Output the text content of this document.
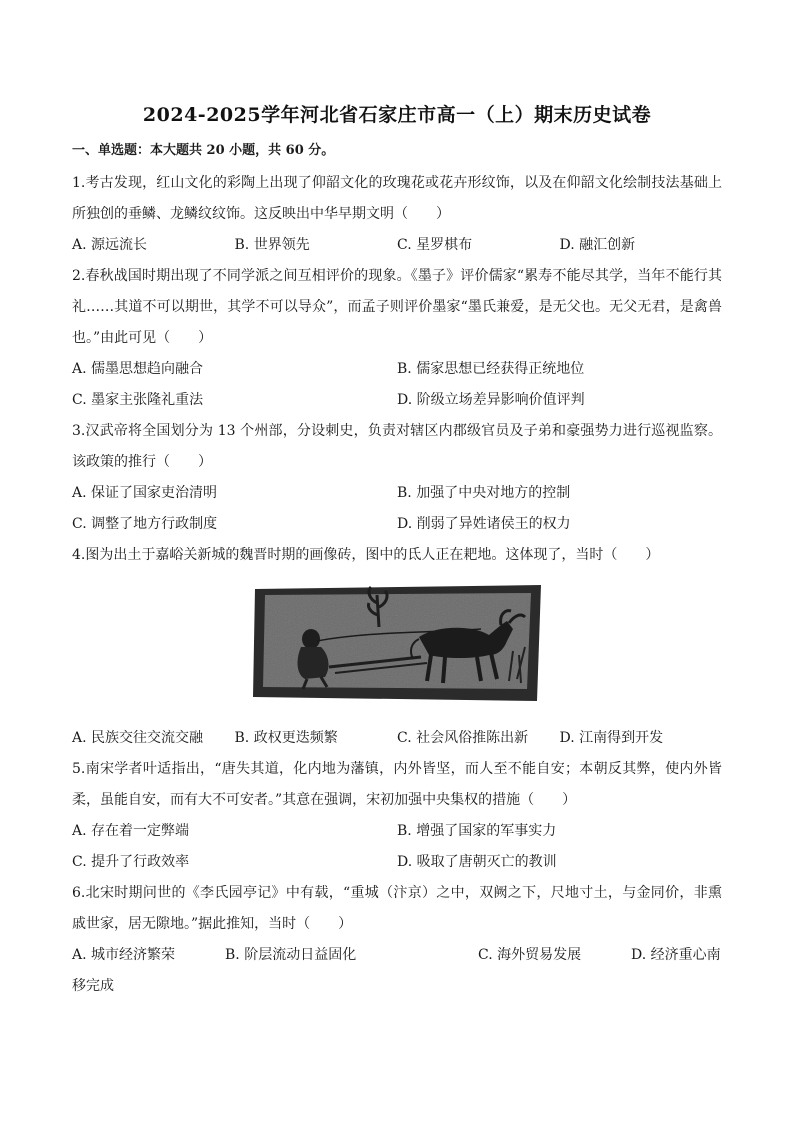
2024-2025学年河北省石家庄市高一（上）期末历史试卷
一、单选题：本大题共 20 小题，共 60 分。

1.考古发现，红山文化的彩陶上出现了仰韶文化的玫瑰花或花卉形纹饰，以及在仰韶文化绘制技法基础上所独创的垂鳞、龙鳞纹纹饰。这反映出中华早期文明（　　）

A. 源远流长	B. 世界领先	C. 星罗棋布	D. 融汇创新

2.春秋战国时期出现了不同学派之间互相评价的现象。《墨子》评价儒家“累寿不能尽其学，当年不能行其礼……其道不可以期世，其学不可以导众”，而孟子则评价墨家“墨氏兼爱，是无父也。无父无君，是禽兽也。”由此可见（　　）

A. 儒墨思想趋向融合	B. 儒家思想已经获得正统地位
C. 墨家主张隆礼重法	D. 阶级立场差异影响价值评判

3.汉武帝将全国划分为 13 个州部，分设刺史，负责对辖区内郡级官员及子弟和豪强势力进行巡视监察。该政策的推行（　　）

A. 保证了国家吏治清明	B. 加强了中央对地方的控制
C. 调整了地方行政制度	D. 削弱了异姓诸侯王的权力

4.图为出土于嘉峪关新城的魏晋时期的画像砖，图中的氐人正在耙地。这体现了，当时（　　）

A. 民族交往交流交融	B. 政权更迭频繁	C. 社会风俗推陈出新	D. 江南得到开发

5.南宋学者叶适指出，“唐失其道，化内地为藩镇，内外皆坚，而人至不能自安；本朝反其弊，使内外皆柔，虽能自安，而有大不可安者。”其意在强调，宋初加强中央集权的措施（　　）

A. 存在着一定弊端	B. 增强了国家的军事实力
C. 提升了行政效率	D. 吸取了唐朝灭亡的教训

6.北宋时期问世的《李氏园亭记》中有载，“重城（汴京）之中，双阙之下，尺地寸土，与金同价，非熏戚世家，居无隙地。”据此推知，当时（　　）

A. 城市经济繁荣	B. 阶层流动日益固化	C. 海外贸易发展	D. 经济重心南
移完成
